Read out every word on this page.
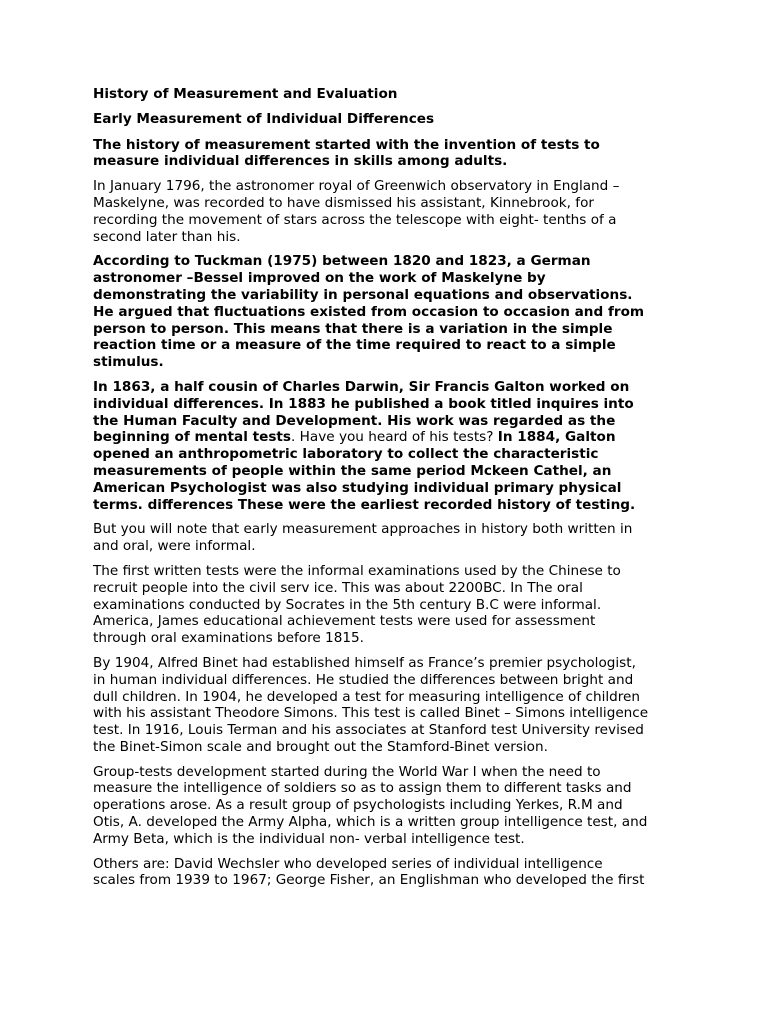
History of Measurement and Evaluation

Early Measurement of Individual Differences

The history of measurement started with the invention of tests to
measure individual differences in skills among adults.

In January 1796, the astronomer royal of Greenwich observatory in England –
Maskelyne, was recorded to have dismissed his assistant, Kinnebrook, for
recording the movement of stars across the telescope with eight- tenths of a
second later than his.

According to Tuckman (1975) between 1820 and 1823, a German
astronomer –Bessel improved on the work of Maskelyne by
demonstrating the variability in personal equations and observations.
He argued that fluctuations existed from occasion to occasion and from
person to person. This means that there is a variation in the simple
reaction time or a measure of the time required to react to a simple
stimulus.

In 1863, a half cousin of Charles Darwin, Sir Francis Galton worked on
individual differences. In 1883 he published a book titled inquires into
the Human Faculty and Development. His work was regarded as the
beginning of mental tests. Have you heard of his tests? In 1884, Galton
opened an anthropometric laboratory to collect the characteristic
measurements of people within the same period Mckeen Cathel, an
American Psychologist was also studying individual primary physical
terms. differences These were the earliest recorded history of testing.

But you will note that early measurement approaches in history both written in
and oral, were informal.

The first written tests were the informal examinations used by the Chinese to
recruit people into the civil serv ice. This was about 2200BC. In The oral
examinations conducted by Socrates in the 5th century B.C were informal.
America, James educational achievement tests were used for assessment
through oral examinations before 1815.

By 1904, Alfred Binet had established himself as France’s premier psychologist,
in human individual differences. He studied the differences between bright and
dull children. In 1904, he developed a test for measuring intelligence of children
with his assistant Theodore Simons. This test is called Binet – Simons intelligence
test. In 1916, Louis Terman and his associates at Stanford test University revised
the Binet-Simon scale and brought out the Stamford-Binet version.

Group-tests development started during the World War I when the need to
measure the intelligence of soldiers so as to assign them to different tasks and
operations arose. As a result group of psychologists including Yerkes, R.M and
Otis, A. developed the Army Alpha, which is a written group intelligence test, and
Army Beta, which is the individual non- verbal intelligence test.

Others are: David Wechsler who developed series of individual intelligence
scales from 1939 to 1967; George Fisher, an Englishman who developed the first
